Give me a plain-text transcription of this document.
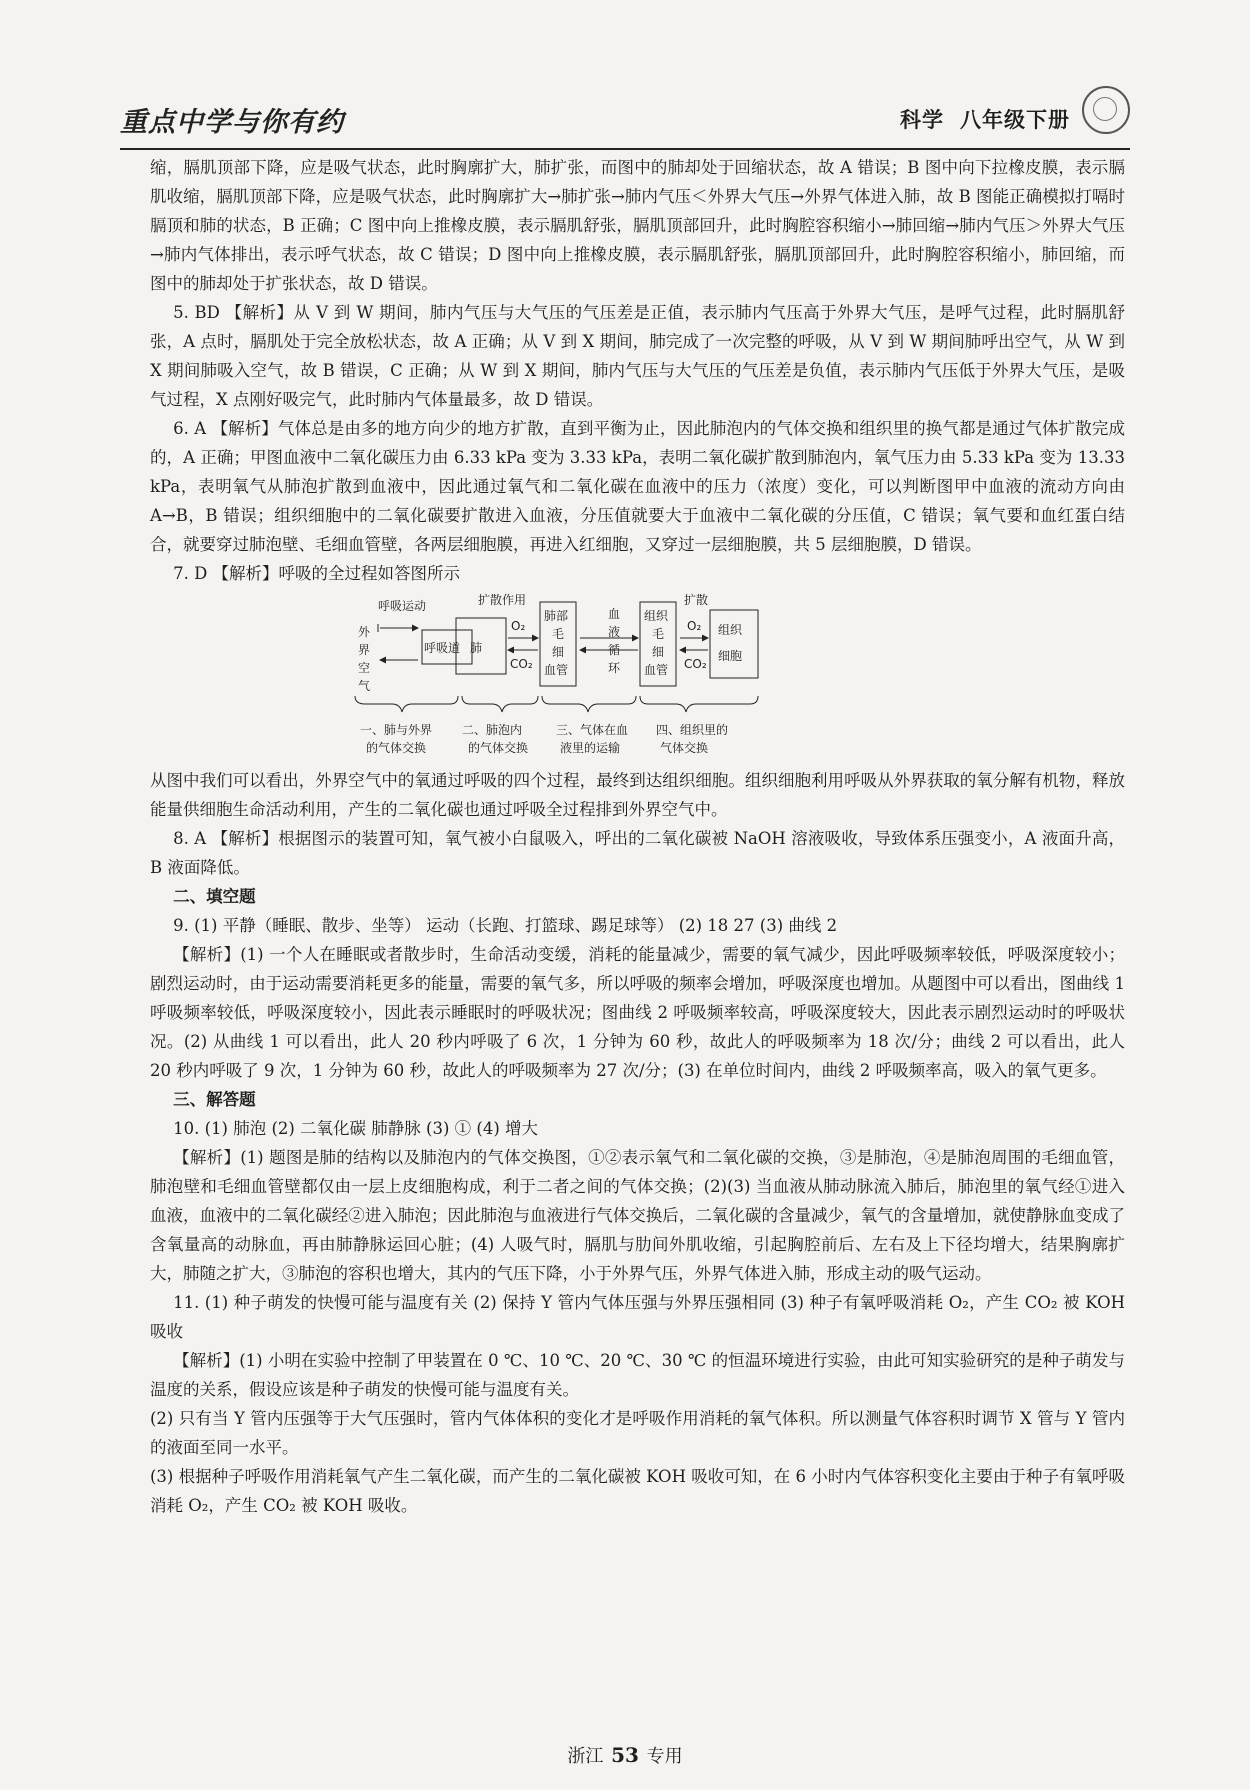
重点中学与你有约	科学 八年级下册

缩，膈肌顶部下降，应是吸气状态，此时胸廓扩大，肺扩张，而图中的肺却处于回缩状态，故 A 错误；B 图中向下拉橡皮膜，表示膈肌收缩，膈肌顶部下降，应是吸气状态，此时胸廓扩大→肺扩张→肺内气压＜外界大气压→外界气体进入肺，故 B 图能正确模拟打嗝时膈顶和肺的状态，B 正确；C 图中向上推橡皮膜，表示膈肌舒张，膈肌顶部回升，此时胸腔容积缩小→肺回缩→肺内气压＞外界大气压→肺内气体排出，表示呼气状态，故 C 错误；D 图中向上推橡皮膜，表示膈肌舒张，膈肌顶部回升，此时胸腔容积缩小，肺回缩，而图中的肺却处于扩张状态，故 D 错误。

5. BD 【解析】从 V 到 W 期间，肺内气压与大气压的气压差是正值，表示肺内气压高于外界大气压，是呼气过程，此时膈肌舒张，A 点时，膈肌处于完全放松状态，故 A 正确；从 V 到 X 期间，肺完成了一次完整的呼吸，从 V 到 W 期间肺呼出空气，从 W 到 X 期间肺吸入空气，故 B 错误，C 正确；从 W 到 X 期间，肺内气压与大气压的气压差是负值，表示肺内气压低于外界大气压，是吸气过程，X 点刚好吸完气，此时肺内气体量最多，故 D 错误。

6. A 【解析】气体总是由多的地方向少的地方扩散，直到平衡为止，因此肺泡内的气体交换和组织里的换气都是通过气体扩散完成的，A 正确；甲图血液中二氧化碳压力由 6.33 kPa 变为 3.33 kPa，表明二氧化碳扩散到肺泡内，氧气压力由 5.33 kPa 变为 13.33 kPa，表明氧气从肺泡扩散到血液中，因此通过氧气和二氧化碳在血液中的压力（浓度）变化，可以判断图甲中血液的流动方向由 A→B，B 错误；组织细胞中的二氧化碳要扩散进入血液，分压值就要大于血液中二氧化碳的分压值，C 错误；氧气要和血红蛋白结合，就要穿过肺泡壁、毛细血管壁，各两层细胞膜，再进入红细胞，又穿过一层细胞膜，共 5 层细胞膜，D 错误。

7. D 【解析】呼吸的全过程如答图所示

外
界
空
气
呼吸运动
呼吸道 肺
扩散作用
O₂
CO₂
肺部
毛
细
血管
血
液
循
环
组织
毛
细
血管
扩散
O₂
CO₂
组织
细胞
一、肺与外界
的气体交换
二、肺泡内
的气体交换
三、气体在血
液里的运输
四、组织里的
气体交换

从图中我们可以看出，外界空气中的氧通过呼吸的四个过程，最终到达组织细胞。组织细胞利用呼吸从外界获取的氧分解有机物，释放能量供细胞生命活动利用，产生的二氧化碳也通过呼吸全过程排到外界空气中。

8. A 【解析】根据图示的装置可知，氧气被小白鼠吸入，呼出的二氧化碳被 NaOH 溶液吸收，导致体系压强变小，A 液面升高，B 液面降低。

二、填空题

9. (1) 平静（睡眠、散步、坐等） 运动（长跑、打篮球、踢足球等） (2) 18 27 (3) 曲线 2

【解析】(1) 一个人在睡眠或者散步时，生命活动变缓，消耗的能量减少，需要的氧气减少，因此呼吸频率较低，呼吸深度较小；剧烈运动时，由于运动需要消耗更多的能量，需要的氧气多，所以呼吸的频率会增加，呼吸深度也增加。从题图中可以看出，图曲线 1 呼吸频率较低，呼吸深度较小，因此表示睡眠时的呼吸状况；图曲线 2 呼吸频率较高，呼吸深度较大，因此表示剧烈运动时的呼吸状况。(2) 从曲线 1 可以看出，此人 20 秒内呼吸了 6 次，1 分钟为 60 秒，故此人的呼吸频率为 18 次/分；曲线 2 可以看出，此人 20 秒内呼吸了 9 次，1 分钟为 60 秒，故此人的呼吸频率为 27 次/分；(3) 在单位时间内，曲线 2 呼吸频率高，吸入的氧气更多。

三、解答题

10. (1) 肺泡 (2) 二氧化碳 肺静脉 (3) ① (4) 增大

【解析】(1) 题图是肺的结构以及肺泡内的气体交换图，①②表示氧气和二氧化碳的交换，③是肺泡，④是肺泡周围的毛细血管，肺泡壁和毛细血管壁都仅由一层上皮细胞构成，利于二者之间的气体交换；(2)(3) 当血液从肺动脉流入肺后，肺泡里的氧气经①进入血液，血液中的二氧化碳经②进入肺泡；因此肺泡与血液进行气体交换后，二氧化碳的含量减少，氧气的含量增加，就使静脉血变成了含氧量高的动脉血，再由肺静脉运回心脏；(4) 人吸气时，膈肌与肋间外肌收缩，引起胸腔前后、左右及上下径均增大，结果胸廓扩大，肺随之扩大，③肺泡的容积也增大，其内的气压下降，小于外界气压，外界气体进入肺，形成主动的吸气运动。

11. (1) 种子萌发的快慢可能与温度有关 (2) 保持 Y 管内气体压强与外界压强相同 (3) 种子有氧呼吸消耗 O₂，产生 CO₂ 被 KOH 吸收

【解析】(1) 小明在实验中控制了甲装置在 0 ℃、10 ℃、20 ℃、30 ℃ 的恒温环境进行实验，由此可知实验研究的是种子萌发与温度的关系，假设应该是种子萌发的快慢可能与温度有关。

(2) 只有当 Y 管内压强等于大气压强时，管内气体体积的变化才是呼吸作用消耗的氧气体积。所以测量气体容积时调节 X 管与 Y 管内的液面至同一水平。

(3) 根据种子呼吸作用消耗氧气产生二氧化碳，而产生的二氧化碳被 KOH 吸收可知，在 6 小时内气体容积变化主要由于种子有氧呼吸消耗 O₂，产生 CO₂ 被 KOH 吸收。

浙江 53 专用
